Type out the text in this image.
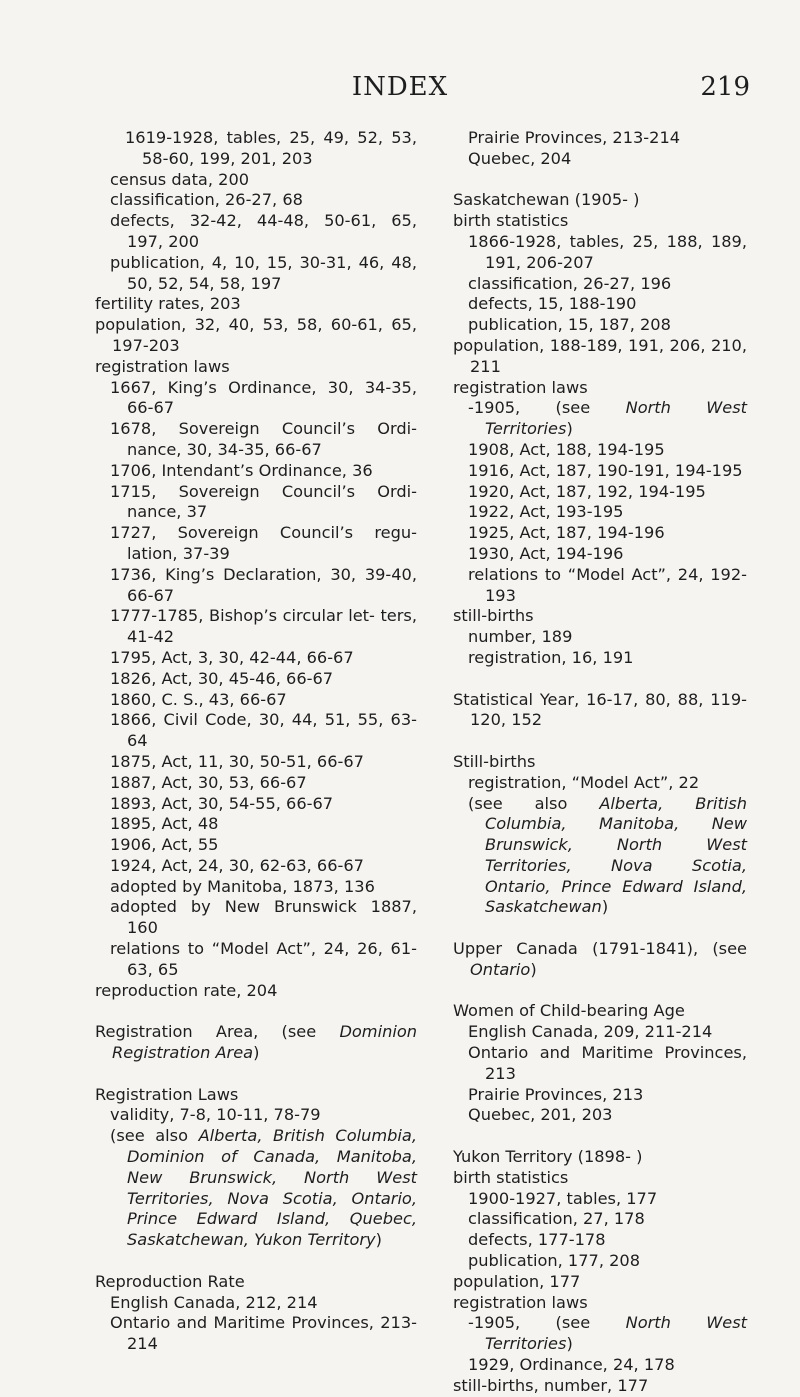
INDEX	219

1619-1928, tables, 25, 49, 52, 53, 58-60, 199, 201, 203

census data, 200

classification, 26-27, 68

defects, 32-42, 44-48, 50-61, 65, 197, 200

publication, 4, 10, 15, 30-31, 46, 48, 50, 52, 54, 58, 197

fertility rates, 203

population, 32, 40, 53, 58, 60-61, 65, 197-203

registration laws

1667, King’s Ordinance, 30, 34-35, 66-67

1678, Sovereign Council’s Ordi- nance, 30, 34-35, 66-67

1706, Intendant’s Ordinance, 36

1715, Sovereign Council’s Ordi- nance, 37

1727, Sovereign Council’s regu- lation, 37-39

1736, King’s Declaration, 30, 39-40, 66-67

1777-1785, Bishop’s circular let- ters, 41-42

1795, Act, 3, 30, 42-44, 66-67

1826, Act, 30, 45-46, 66-67

1860, C. S., 43, 66-67

1866, Civil Code, 30, 44, 51, 55, 63-64

1875, Act, 11, 30, 50-51, 66-67

1887, Act, 30, 53, 66-67

1893, Act, 30, 54-55, 66-67

1895, Act, 48

1906, Act, 55

1924, Act, 24, 30, 62-63, 66-67

adopted by Manitoba, 1873, 136

adopted by New Brunswick 1887, 160

relations to “Model Act”, 24, 26, 61-63, 65

reproduction rate, 204

Registration Area, (see Dominion Registration Area)

Registration Laws

validity, 7-8, 10-11, 78-79

(see also Alberta, British Columbia, Dominion of Canada, Manitoba, New Brunswick, North West Territories, Nova Scotia, Ontario, Prince Edward Island, Quebec, Saskatchewan, Yukon Territory)

Reproduction Rate

English Canada, 212, 214

Ontario and Maritime Provinces, 213-214

Prairie Provinces, 213-214

Quebec, 204

Saskatchewan (1905- )

birth statistics

1866-1928, tables, 25, 188, 189, 191, 206-207

classification, 26-27, 196

defects, 15, 188-190

publication, 15, 187, 208

population, 188-189, 191, 206, 210, 211

registration laws

-1905, (see North West Territories)

1908, Act, 188, 194-195

1916, Act, 187, 190-191, 194-195

1920, Act, 187, 192, 194-195

1922, Act, 193-195

1925, Act, 187, 194-196

1930, Act, 194-196

relations to “Model Act”, 24, 192-193

still-births

number, 189

registration, 16, 191

Statistical Year, 16-17, 80, 88, 119-120, 152

Still-births

registration, “Model Act”, 22

(see also Alberta, British Columbia, Manitoba, New Brunswick, North West Territories, Nova Scotia, Ontario, Prince Edward Island, Saskatchewan)

Upper Canada (1791-1841), (see Ontario)

Women of Child-bearing Age

English Canada, 209, 211-214

Ontario and Maritime Provinces, 213

Prairie Provinces, 213

Quebec, 201, 203

Yukon Territory (1898- )

birth statistics

1900-1927, tables, 177

classification, 27, 178

defects, 177-178

publication, 177, 208

population, 177

registration laws

-1905, (see North West Territories)

1929, Ordinance, 24, 178

still-births, number, 177
